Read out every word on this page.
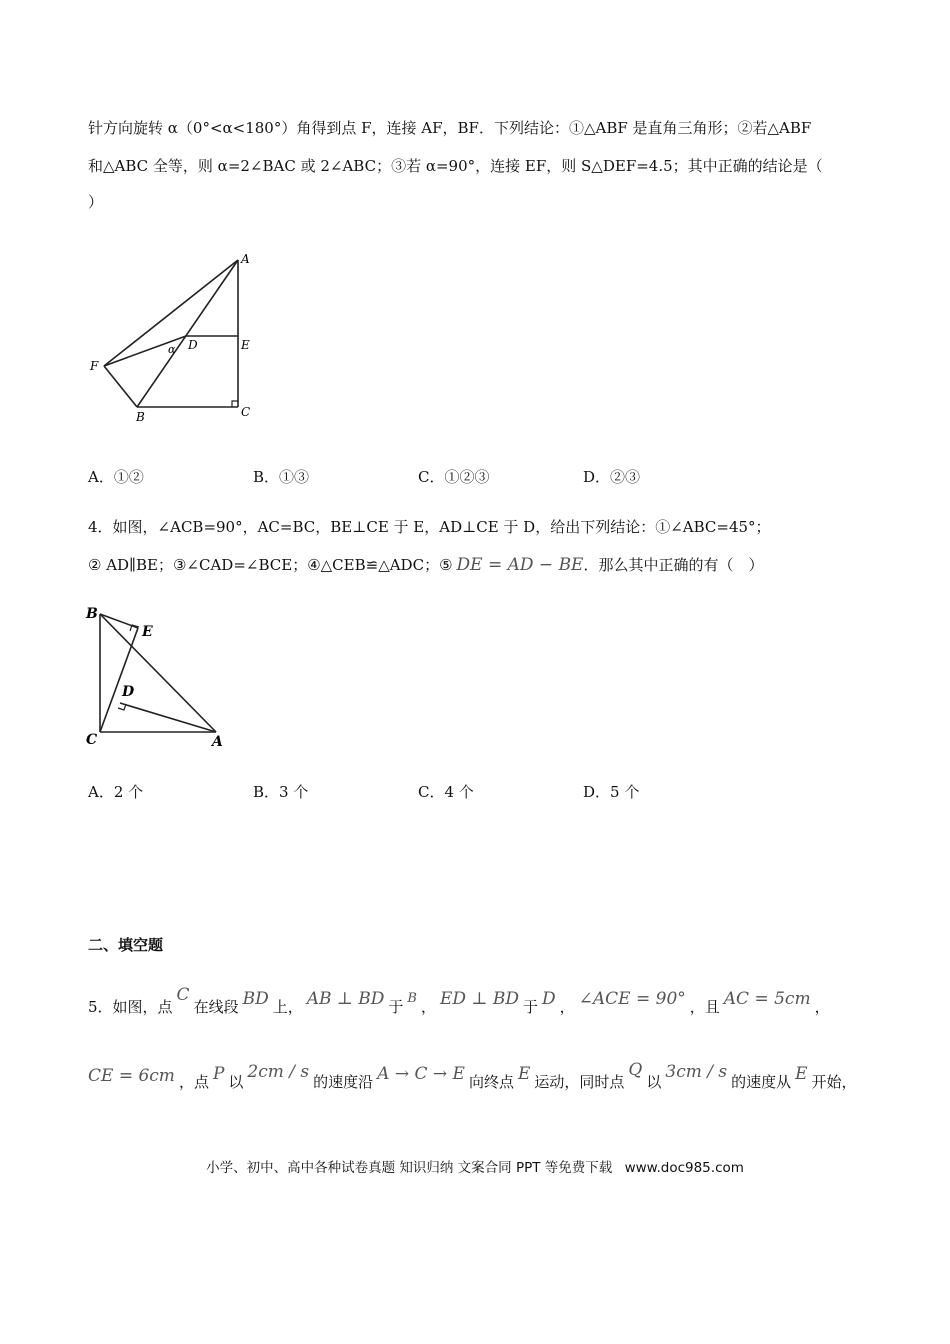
针方向旋转 α（0°<α<180°）角得到点 F，连接 AF，BF．下列结论：①△ABF 是直角三角形；②若△ABF
和△ABC 全等，则 α=2∠BAC 或 2∠ABC；③若 α=90°，连接 EF，则 S△DEF=4.5；其中正确的结论是（
）
A
E
C
B
F
D
α
A．①②	B．①③	C．①②③	D．②③
4．如图，∠ACB=90°，AC=BC，BE⊥CE 于 E，AD⊥CE 于 D，给出下列结论：①∠ABC=45°；
② AD∥BE；③∠CAD=∠BCE；④△CEB≌△ADC；⑤ DE = AD − BE．那么其中正确的有（　）
B
E
D
C	A
A．2 个	B．3 个	C．4 个	D．5 个
二、填空题
5．如图，点C在线段 BD 上， AB ⊥ BD 于 B ， ED ⊥ BD 于 D ， ∠ACE = 90° ，且 AC = 5cm ，
CE = 6cm ，点 P 以 2cm / s 的速度沿 A → C → E 向终点 E 运动，同时点Q以 3cm / s 的速度从 E 开始，
小学、初中、高中各种试卷真题 知识归纳 文案合同 PPT 等免费下载 www.doc985.com
